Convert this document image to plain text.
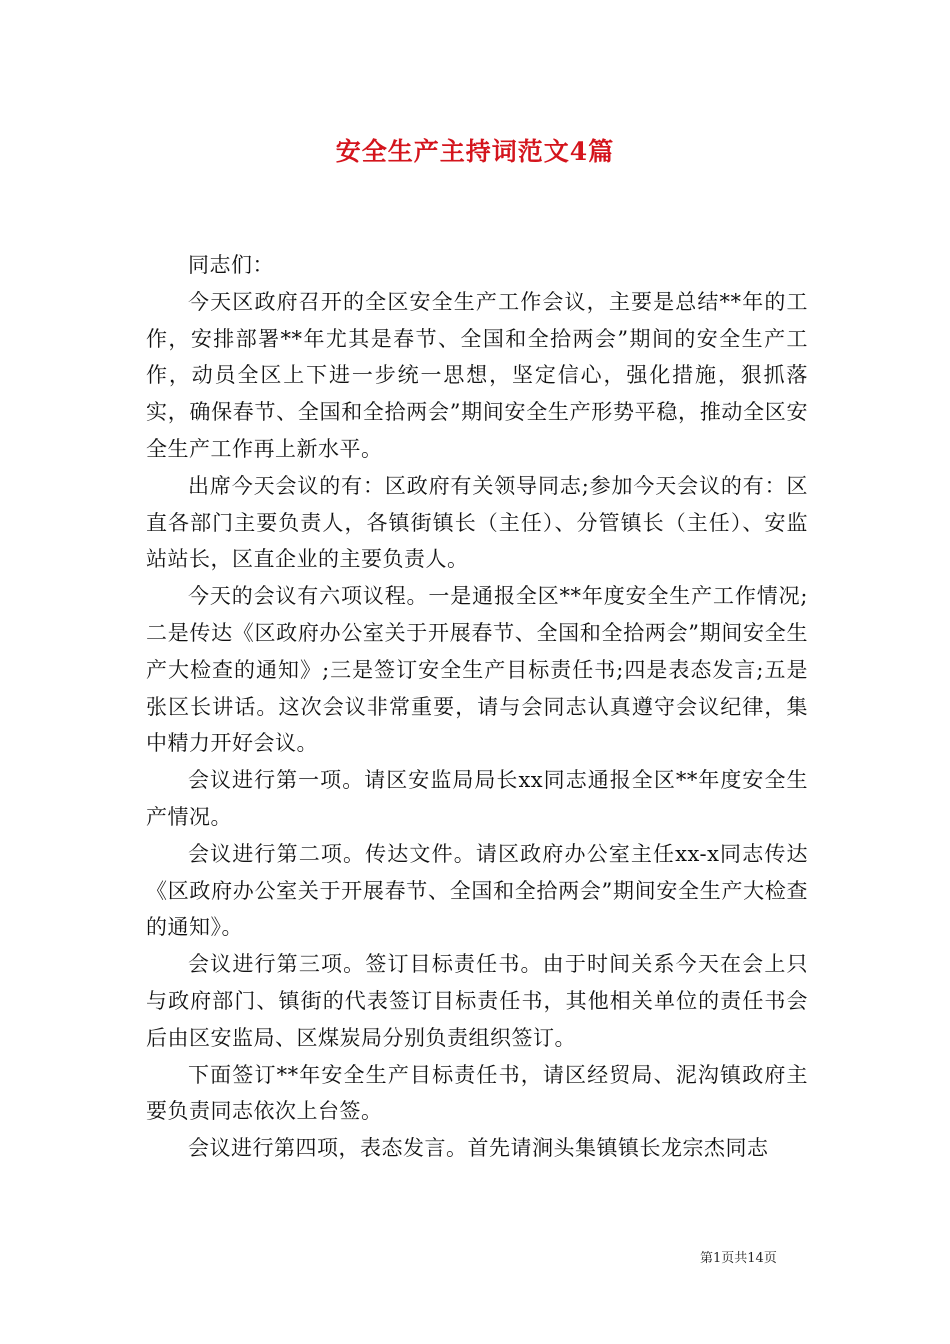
安全生产主持词范文4篇

同志们：

今天区政府召开的全区安全生产工作会议，主要是总结**年的工作，安排部署**年尤其是春节、全国和全拾两会”期间的安全生产工作，动员全区上下进一步统一思想，坚定信心，强化措施，狠抓落实，确保春节、全国和全拾两会”期间安全生产形势平稳，推动全区安全生产工作再上新水平。

出席今天会议的有：区政府有关领导同志;参加今天会议的有：区直各部门主要负责人，各镇街镇长（主任）、分管镇长（主任）、安监站站长，区直企业的主要负责人。

今天的会议有六项议程。一是通报全区**年度安全生产工作情况;二是传达《区政府办公室关于开展春节、全国和全拾两会”期间安全生产大检查的通知》;三是签订安全生产目标责任书;四是表态发言;五是张区长讲话。这次会议非常重要，请与会同志认真遵守会议纪律，集中精力开好会议。

会议进行第一项。请区安监局局长xx同志通报全区**年度安全生产情况。

会议进行第二项。传达文件。请区政府办公室主任xx-x同志传达《区政府办公室关于开展春节、全国和全拾两会”期间安全生产大检查的通知》。

会议进行第三项。签订目标责任书。由于时间关系今天在会上只与政府部门、镇街的代表签订目标责任书，其他相关单位的责任书会后由区安监局、区煤炭局分别负责组织签订。

下面签订**年安全生产目标责任书，请区经贸局、泥沟镇政府主要负责同志依次上台签。

会议进行第四项，表态发言。首先请涧头集镇镇长龙宗杰同志

第1页共14页
